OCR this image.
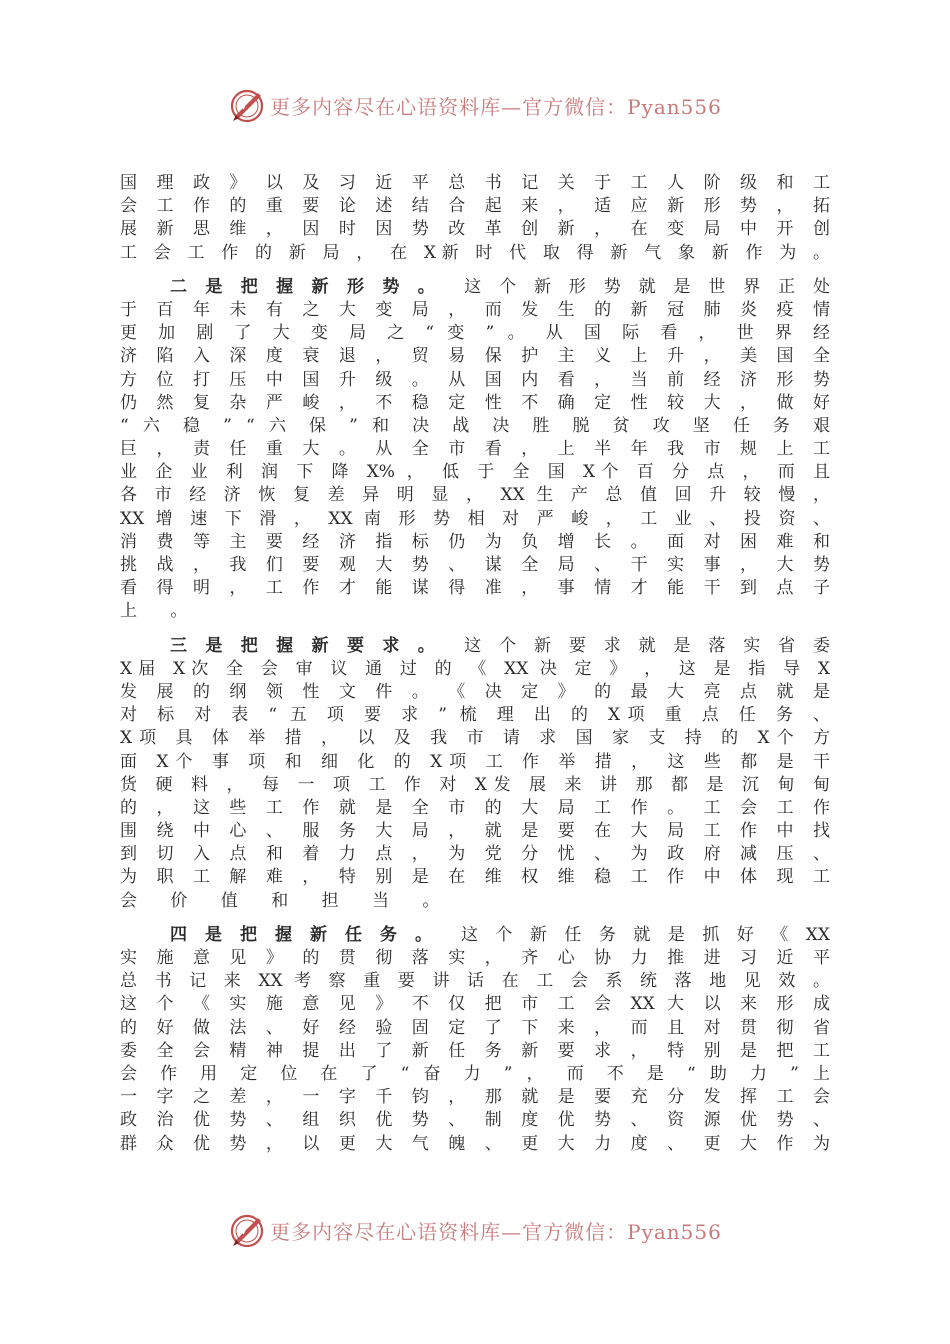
更多内容尽在心语资料库—官方微信：Pyan556
国 理 政 》 以 及 习 近 平 总 书 记 关 于 工 人 阶 级 和 工
会 工 作 的 重 要 论 述 结 合 起 来 ， 适 应 新 形 势 ， 拓
展 新 思 维 ， 因 时 因 势 改 革 创 新 ， 在 变 局 中 开 创
工 会 工 作 的 新 局 ， 在 X新 时 代 取 得 新 气 象 新 作 为 。
二 是 把 握 新 形 势 。 这 个 新 形 势 就 是 世 界 正 处
于 百 年 未 有 之 大 变 局 ， 而 发 生 的 新 冠 肺 炎 疫 情
更 加 剧 了 大 变 局 之 “ 变 ” 。 从 国 际 看 ， 世 界 经
济 陷 入 深 度 衰 退 ， 贸 易 保 护 主 义 上 升 ， 美 国 全
方 位 打 压 中 国 升 级 。 从 国 内 看 ， 当 前 经 济 形 势
仍 然 复 杂 严 峻 ， 不 稳 定 性 不 确 定 性 较 大 ， 做 好
“ 六 稳 ” “ 六 保 ” 和 决 战 决 胜 脱 贫 攻 坚 任 务 艰
巨 ， 责 任 重 大 。 从 全 市 看 ， 上 半 年 我 市 规 上 工
业 企 业 利 润 下 降 X% ， 低 于 全 国 X个 百 分 点 ， 而 且
各 市 经 济 恢 复 差 异 明 显 ， XX 生 产 总 值 回 升 较 慢 ，
XX 增 速 下 滑 ， XX 南 形 势 相 对 严 峻 ， 工 业 、 投 资 、
消 费 等 主 要 经 济 指 标 仍 为 负 增 长 。 面 对 困 难 和
挑 战 ， 我 们 要 观 大 势 、 谋 全 局 、 干 实 事 ， 大 势
看 得 明 ， 工 作 才 能 谋 得 准 ， 事 情 才 能 干 到 点 子
上 。
三 是 把 握 新 要 求 。 这 个 新 要 求 就 是 落 实 省 委
X届 X次 全 会 审 议 通 过 的 《 XX 决 定 》 ， 这 是 指 导 X
发 展 的 纲 领 性 文 件 。 《 决 定 》 的 最 大 亮 点 就 是
对 标 对 表 “ 五 项 要 求 ” 梳 理 出 的 X项 重 点 任 务 、
X项 具 体 举 措 ， 以 及 我 市 请 求 国 家 支 持 的 X个 方
面 X个 事 项 和 细 化 的 X项 工 作 举 措 ， 这 些 都 是 干
货 硬 料 ， 每 一 项 工 作 对 X发 展 来 讲 那 都 是 沉 甸 甸
的 ， 这 些 工 作 就 是 全 市 的 大 局 工 作 。 工 会 工 作
围 绕 中 心 、 服 务 大 局 ， 就 是 要 在 大 局 工 作 中 找
到 切 入 点 和 着 力 点 ， 为 党 分 忧 、 为 政 府 减 压 、
为 职 工 解 难 ， 特 别 是 在 维 权 维 稳 工 作 中 体 现 工
会 价 值 和 担 当 。
四 是 把 握 新 任 务 。 这 个 新 任 务 就 是 抓 好 《 XX
实 施 意 见 》 的 贯 彻 落 实 ， 齐 心 协 力 推 进 习 近 平
总 书 记 来 XX 考 察 重 要 讲 话 在 工 会 系 统 落 地 见 效 。
这 个 《 实 施 意 见 》 不 仅 把 市 工 会 XX 大 以 来 形 成
的 好 做 法 、 好 经 验 固 定 了 下 来 ， 而 且 对 贯 彻 省
委 全 会 精 神 提 出 了 新 任 务 新 要 求 ， 特 别 是 把 工
会 作 用 定 位 在 了 “ 奋 力 ” ， 而 不 是 “ 助 力 ” 上
一 字 之 差 ， 一 字 千 钧 ， 那 就 是 要 充 分 发 挥 工 会
政 治 优 势 、 组 织 优 势 、 制 度 优 势 、 资 源 优 势 、
群 众 优 势 ， 以 更 大 气 魄 、 更 大 力 度 、 更 大 作 为
更多内容尽在心语资料库—官方微信：Pyan556
